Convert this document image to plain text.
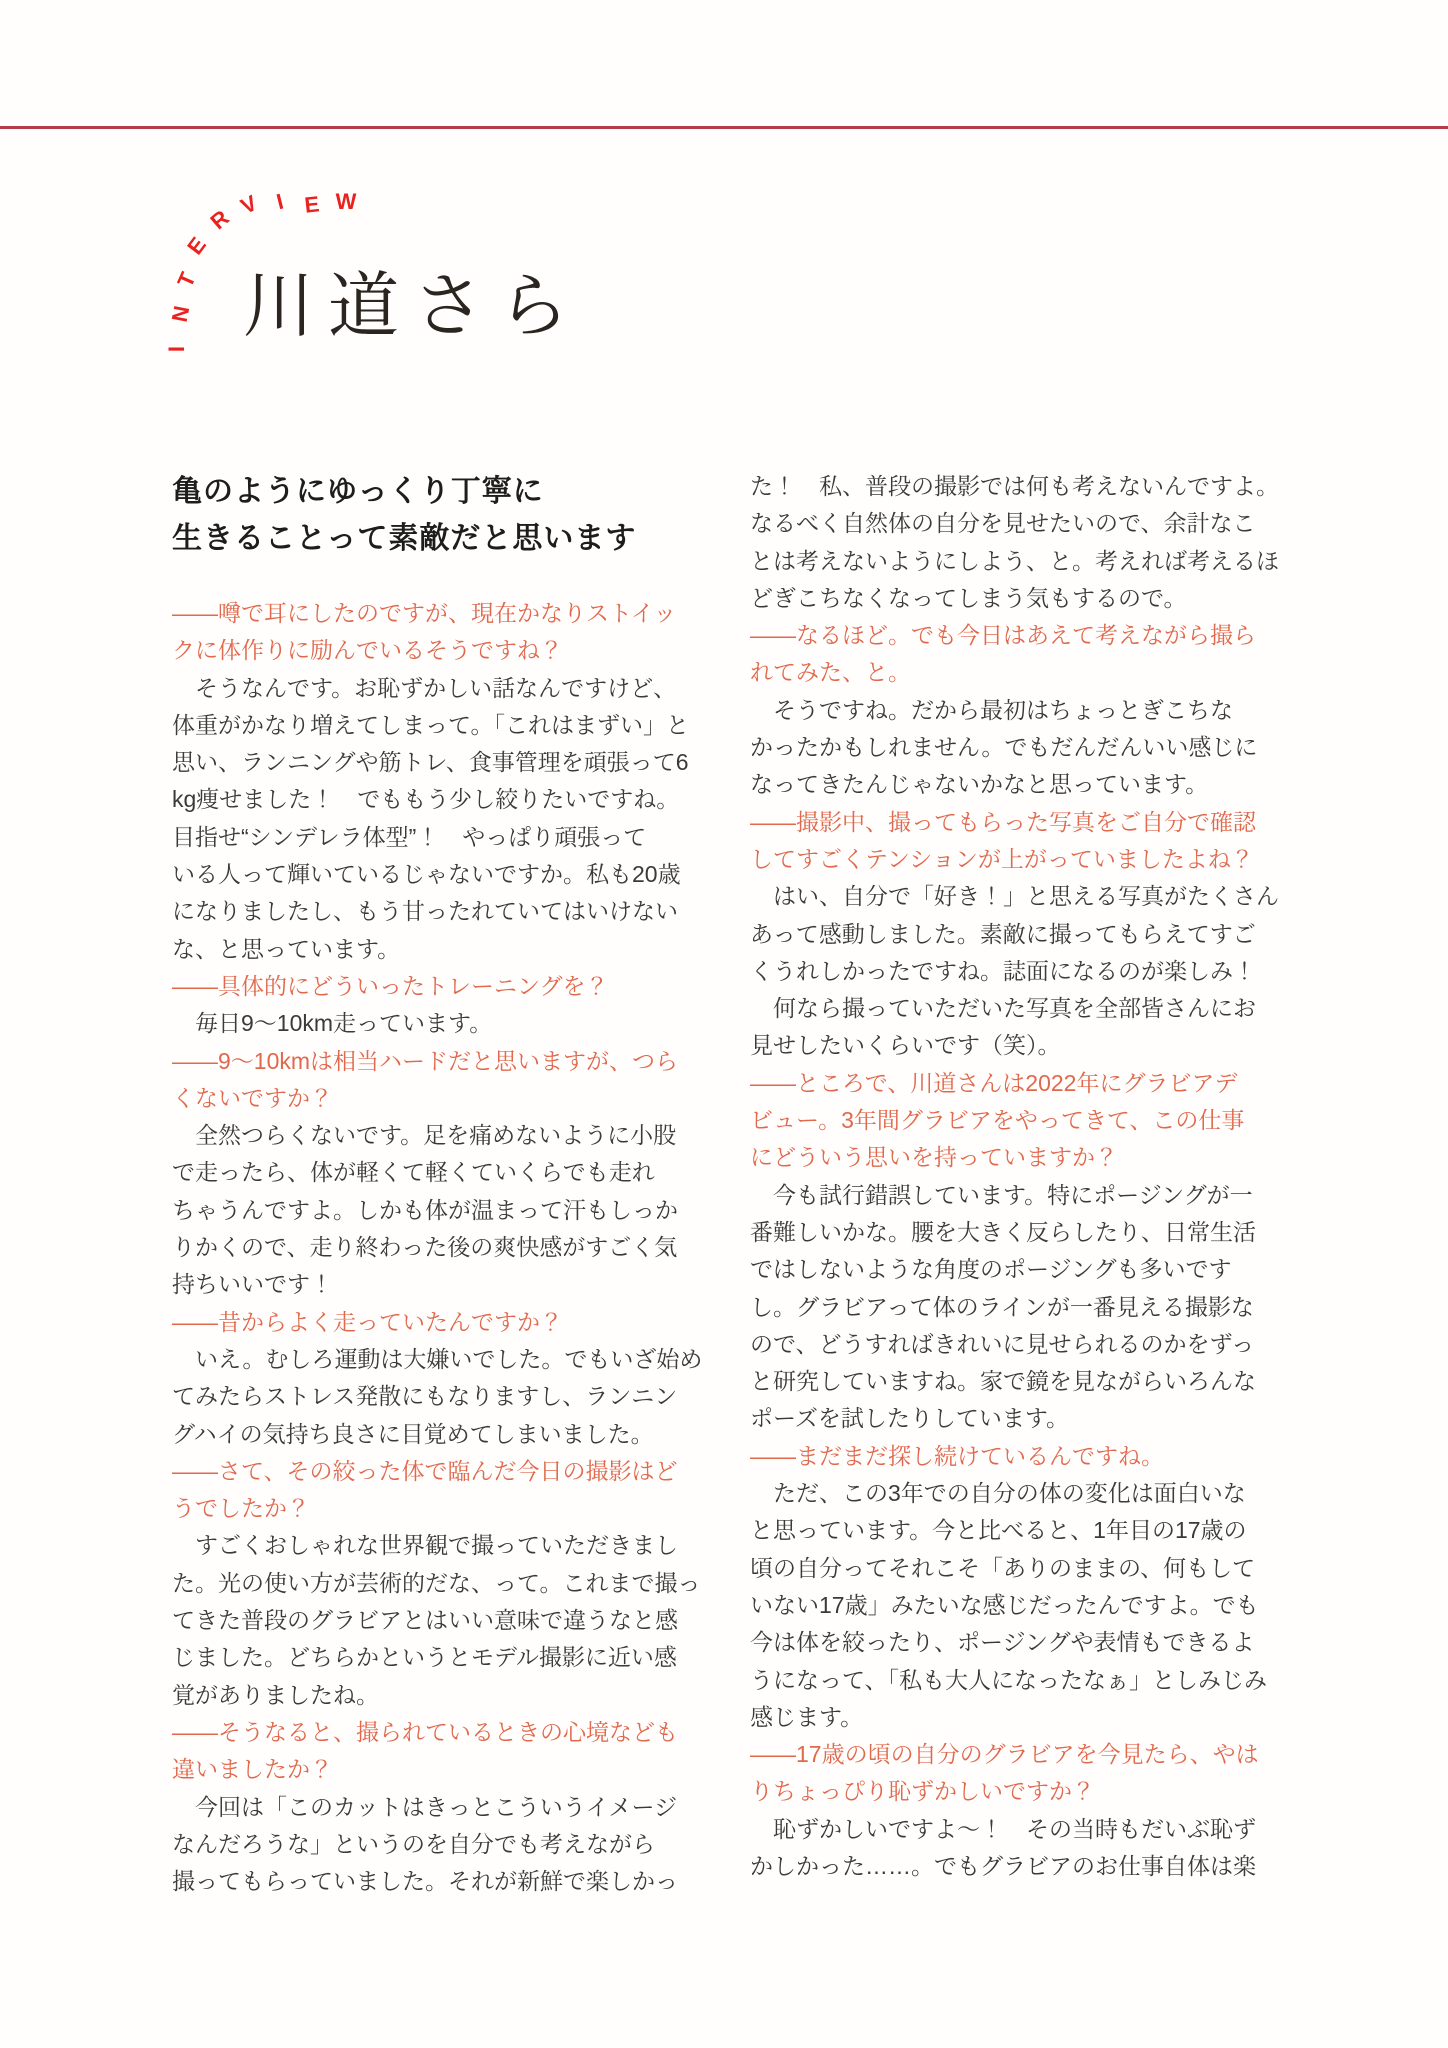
I
N
T
E
R
V I E W
川道さら
亀のようにゆっくり丁寧に
生きることって素敵だと思います
——噂で耳にしたのですが、現在かなりストイッ
クに体作りに励んでいるそうですね？
そうなんです。お恥ずかしい話なんですけど、
体重がかなり増えてしまって。「これはまずい」と
思い、ランニングや筋トレ、食事管理を頑張って6
kg痩せました！　でももう少し絞りたいですね。
目指せ“シンデレラ体型”！　やっぱり頑張って
いる人って輝いているじゃないですか。私も20歳
になりましたし、もう甘ったれていてはいけない
な、と思っています。
——具体的にどういったトレーニングを？
毎日9〜10km走っています。
——9〜10kmは相当ハードだと思いますが、つら
くないですか？
全然つらくないです。足を痛めないように小股
で走ったら、体が軽くて軽くていくらでも走れ
ちゃうんですよ。しかも体が温まって汗もしっか
りかくので、走り終わった後の爽快感がすごく気
持ちいいです！
——昔からよく走っていたんですか？
いえ。むしろ運動は大嫌いでした。でもいざ始め
てみたらストレス発散にもなりますし、ランニン
グハイの気持ち良さに目覚めてしまいました。
——さて、その絞った体で臨んだ今日の撮影はど
うでしたか？
すごくおしゃれな世界観で撮っていただきまし
た。光の使い方が芸術的だな、って。これまで撮っ
てきた普段のグラビアとはいい意味で違うなと感
じました。どちらかというとモデル撮影に近い感
覚がありましたね。
——そうなると、撮られているときの心境なども
違いましたか？
今回は「このカットはきっとこういうイメージ
なんだろうな」というのを自分でも考えながら
撮ってもらっていました。それが新鮮で楽しかっ
た！　私、普段の撮影では何も考えないんですよ。
なるべく自然体の自分を見せたいので、余計なこ
とは考えないようにしよう、と。考えれば考えるほ
どぎこちなくなってしまう気もするので。
——なるほど。でも今日はあえて考えながら撮ら
れてみた、と。
そうですね。だから最初はちょっとぎこちな
かったかもしれません。でもだんだんいい感じに
なってきたんじゃないかなと思っています。
——撮影中、撮ってもらった写真をご自分で確認
してすごくテンションが上がっていましたよね？
はい、自分で「好き！」と思える写真がたくさん
あって感動しました。素敵に撮ってもらえてすご
くうれしかったですね。誌面になるのが楽しみ！
何なら撮っていただいた写真を全部皆さんにお
見せしたいくらいです（笑）。
——ところで、川道さんは2022年にグラビアデ
ビュー。3年間グラビアをやってきて、この仕事
にどういう思いを持っていますか？
今も試行錯誤しています。特にポージングが一
番難しいかな。腰を大きく反らしたり、日常生活
ではしないような角度のポージングも多いです
し。グラビアって体のラインが一番見える撮影な
ので、どうすればきれいに見せられるのかをずっ
と研究していますね。家で鏡を見ながらいろんな
ポーズを試したりしています。
——まだまだ探し続けているんですね。
ただ、この3年での自分の体の変化は面白いな
と思っています。今と比べると、1年目の17歳の
頃の自分ってそれこそ「ありのままの、何もして
いない17歳」みたいな感じだったんですよ。でも
今は体を絞ったり、ポージングや表情もできるよ
うになって、「私も大人になったなぁ」としみじみ
感じます。
——17歳の頃の自分のグラビアを今見たら、やは
りちょっぴり恥ずかしいですか？
恥ずかしいですよ〜！　その当時もだいぶ恥ず
かしかった……。でもグラビアのお仕事自体は楽
